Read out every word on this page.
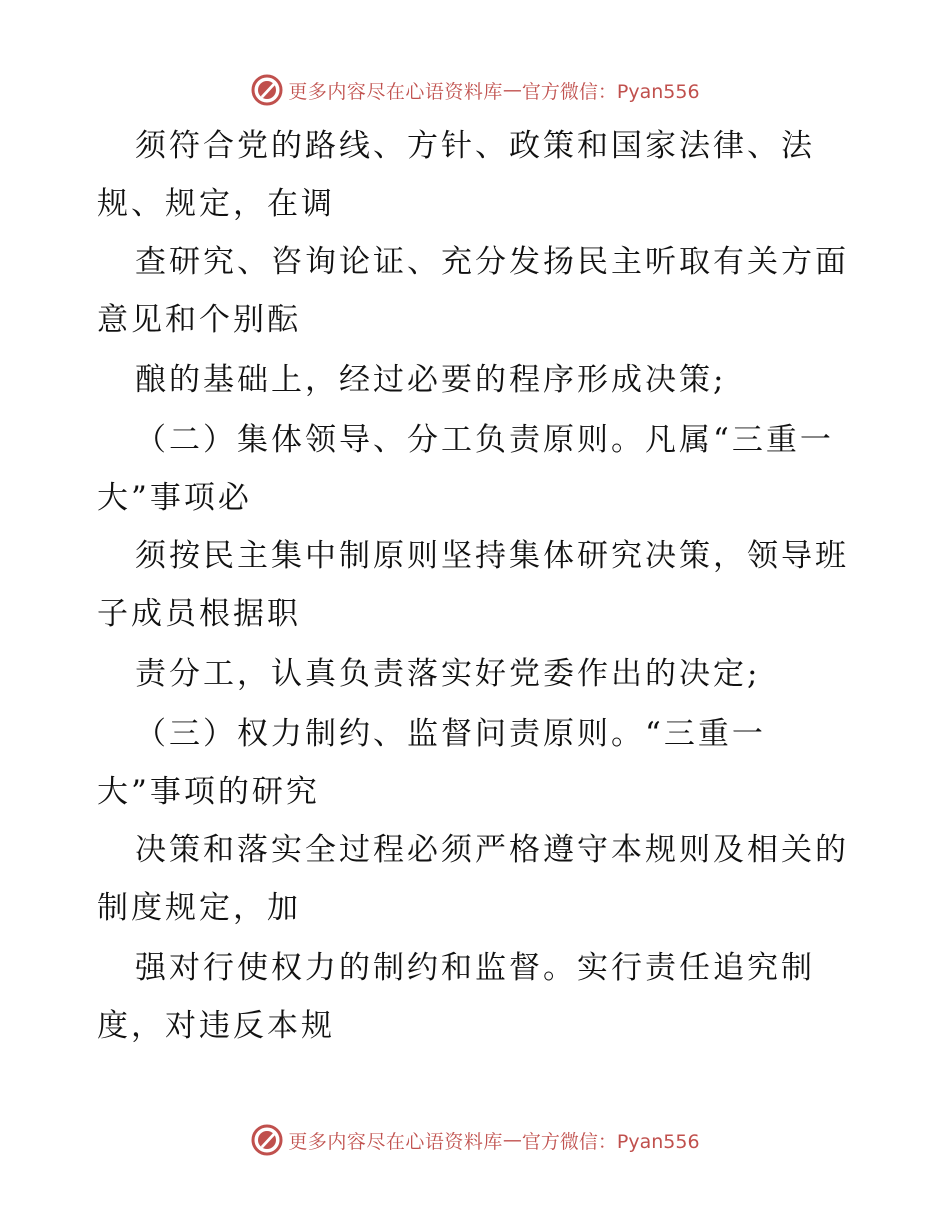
更多内容尽在心语资料库 — 官方微信：Pyan556
须符合党的路线、方针、政策和国家法律、法
规、规定，在调
查研究、咨询论证、充分发扬民主听取有关方面
意见和个别酝
酿的基础上，经过必要的程序形成决策;
（二）集体领导、分工负责原则。凡属“三重一
大”事项必
须按民主集中制原则坚持集体研究决策，领导班
子成员根据职
责分工，认真负责落实好党委作出的决定;
（三）权力制约、监督问责原则。“三重一
大”事项的研究
决策和落实全过程必须严格遵守本规则及相关的
制度规定，加
强对行使权力的制约和监督。实行责任追究制
度，对违反本规
更多内容尽在心语资料库 — 官方微信：Pyan556
